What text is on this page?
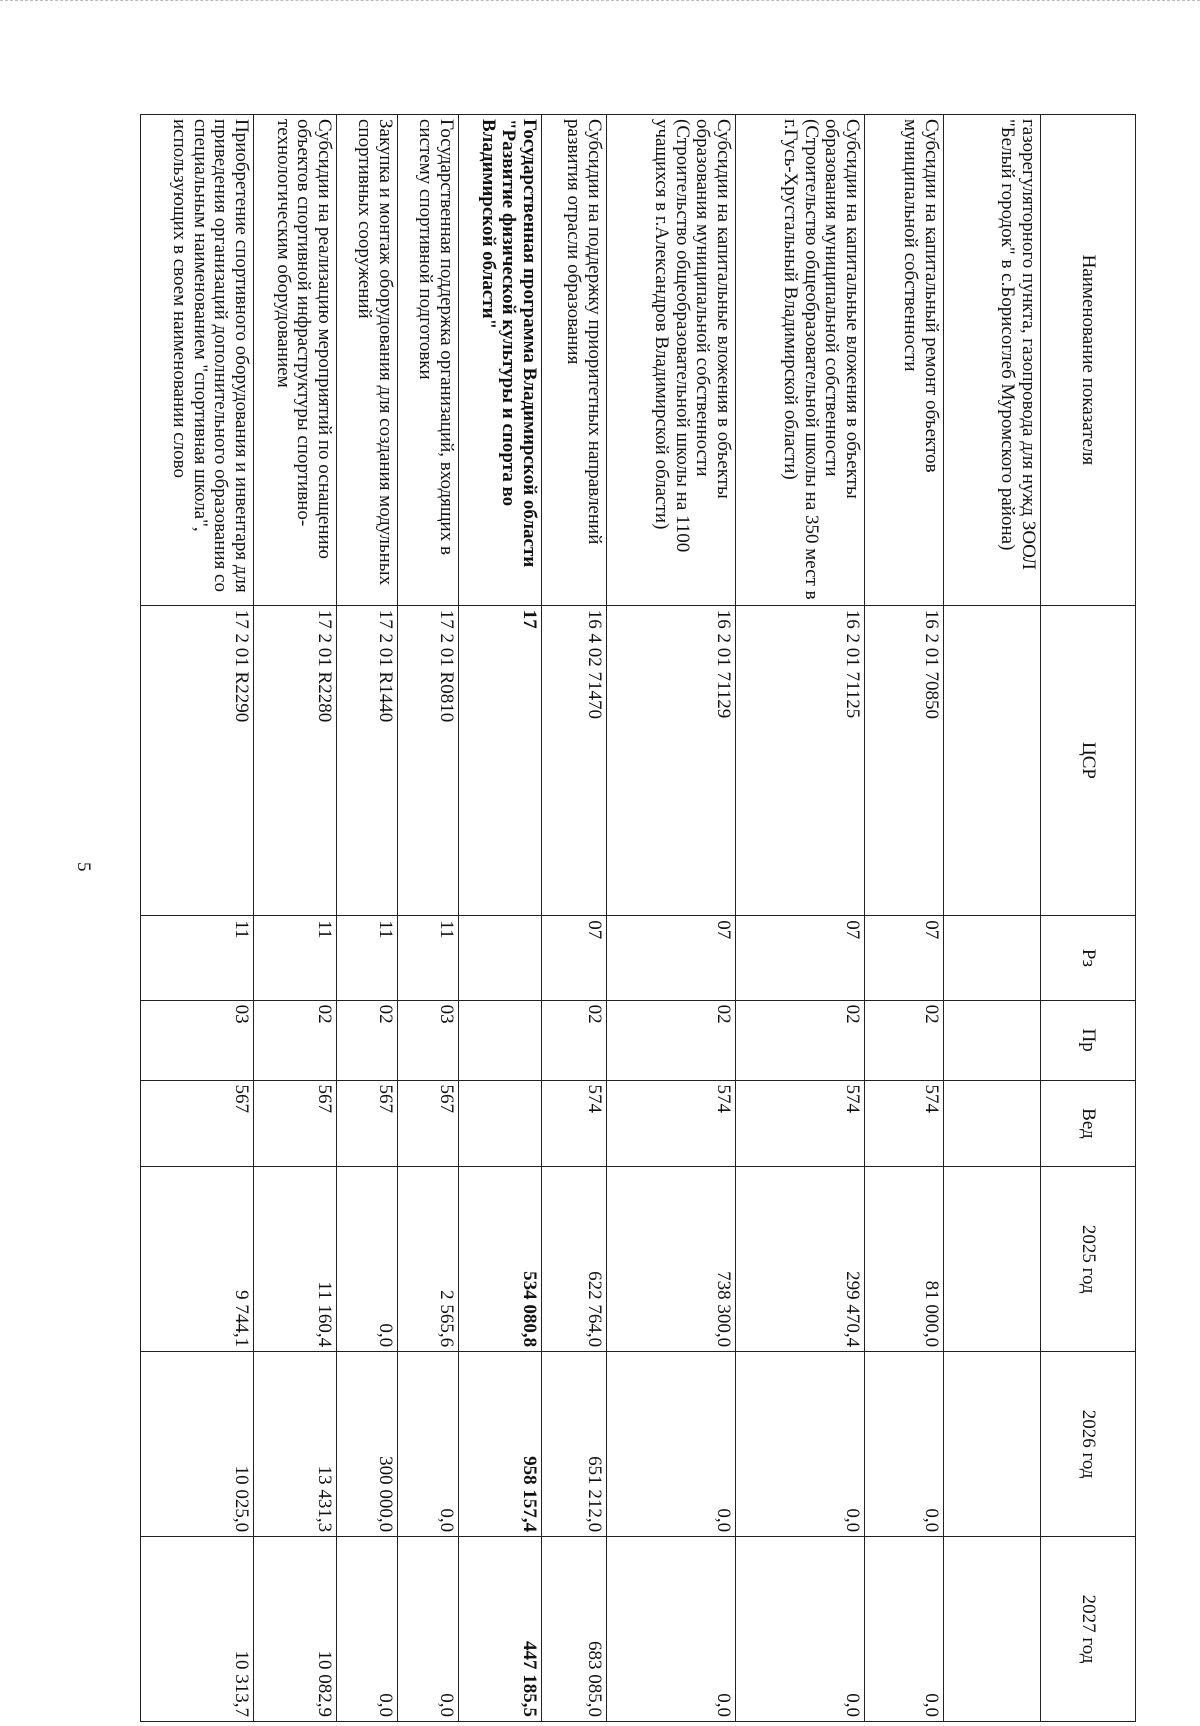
5
Наименование показателя	ЦСР	Рз	Пр	Вед	2025 год	2026 год	2027 год
газорегуляторного пункта, газопровода для нужд ЗООЛ "Белый городок" в с.Борисоглеб Муромского района)							
Субсидии на капитальный ремонт объектов муниципальной собственности	16 2 01 70850	07	02	574	81 000,0	0,0	0,0
Субсидии на капитальные вложения в объекты образования муниципальной собственности (Строительство общеобразовательной школы на 350 мест в г.Гусь-Хрустальный Владимирской области)	16 2 01 71125	07	02	574	299 470,4	0,0	0,0
Субсидии на капитальные вложения в объекты образования муниципальной собственности (Строительство общеобразовательной школы на 1100 учащихся в г.Александров Владимирской области)	16 2 01 71129	07	02	574	738 300,0	0,0	0,0
Субсидии на поддержку приоритетных направлений развития отрасли образования	16 4 02 71470	07	02	574	622 764,0	651 212,0	683 085,0
Государственная программа Владимирской области "Развитие физической культуры и спорта во Владимирской области"	17				534 080,8	958 157,4	447 185,5
Государственная поддержка организаций, входящих в систему спортивной подготовки	17 2 01 R0810	11	03	567	2 565,6	0,0	0,0
Закупка и монтаж оборудования для создания модульных спортивных сооружений	17 2 01 R1440	11	02	567	0,0	300 000,0	0,0
Субсидии на реализацию мероприятий по оснащению объектов спортивной инфраструктуры спортивно-технологическим оборудованием	17 2 01 R2280	11	02	567	11 160,4	13 431,3	10 082,9
Приобретение спортивного оборудования и инвентаря для приведения организаций дополнительного образования со специальным наименованием "спортивная школа", использующих в своем наименовании слово	17 2 01 R2290	11	03	567	9 744,1	10 025,0	10 313,7
